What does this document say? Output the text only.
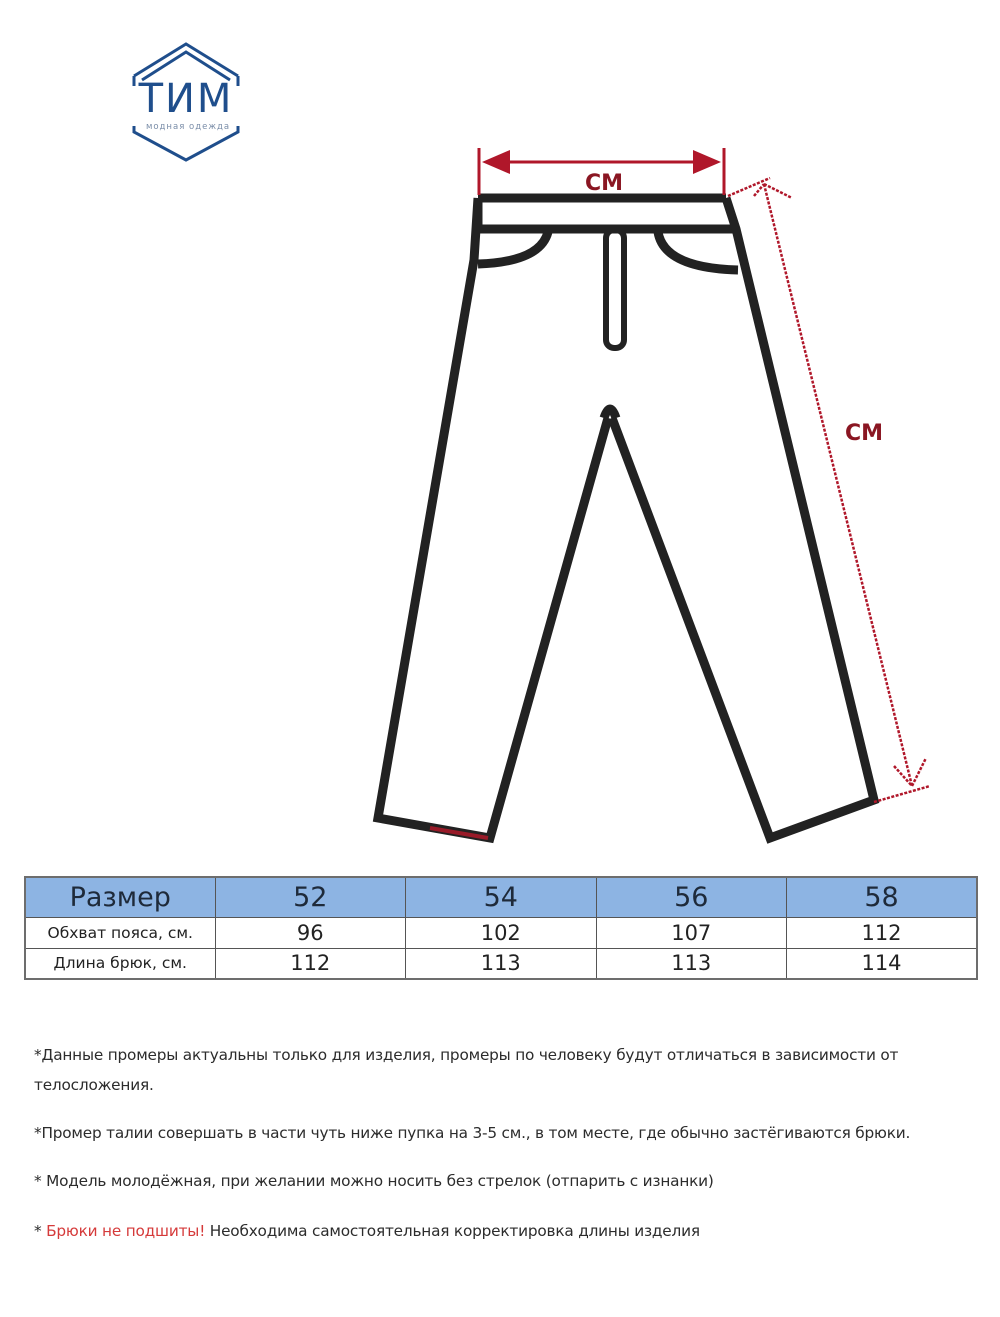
ТИМ
модная одежда
CM
CM
Размер	52	54	56	58
Обхват пояса, см.	96	102	107	112
Длина брюк, см.	112	113	113	114

*Данные промеры актуальны только для изделия, промеры по человеку будут отличаться в зависимости от телосложения.

*Промер талии совершать в части чуть ниже пупка на 3-5 см., в том месте, где обычно застёгиваются брюки.

* Модель молодёжная, при желании можно носить без стрелок (отпарить с изнанки)

* Брюки не подшиты! Необходима самостоятельная корректировка длины изделия
